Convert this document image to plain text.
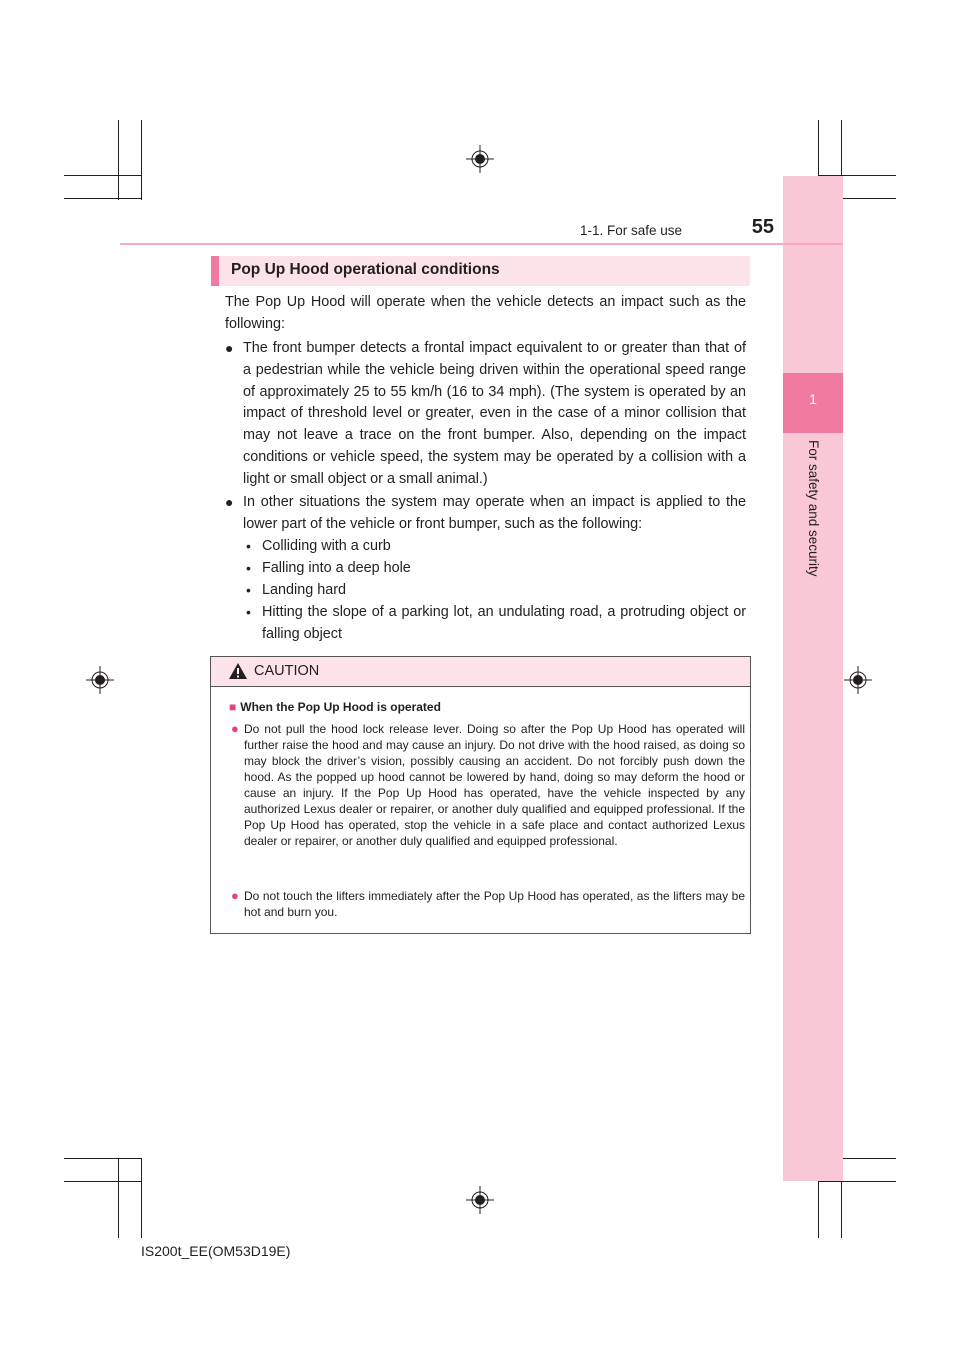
1
For safety and security
1-1. For safe use	55
Pop Up Hood operational conditions
The Pop Up Hood will operate when the vehicle detects an impact such as the following:
● The front bumper detects a frontal impact equivalent to or greater than that of a pedestrian while the vehicle being driven within the operational speed range of approximately 25 to 55 km/h (16 to 34 mph). (The system is operated by an impact of threshold level or greater, even in the case of a minor collision that may not leave a trace on the front bumper. Also, depending on the impact conditions or vehicle speed, the system may be operated by a collision with a light or small object or a small animal.)
● In other situations the system may operate when an impact is applied to the lower part of the vehicle or front bumper, such as the following:
• Colliding with a curb
• Falling into a deep hole
• Landing hard
• Hitting the slope of a parking lot, an undulating road, a protruding object or falling object
CAUTION
■ When the Pop Up Hood is operated
● Do not pull the hood lock release lever. Doing so after the Pop Up Hood has operated will further raise the hood and may cause an injury. Do not drive with the hood raised, as doing so may block the driver’s vision, possibly causing an accident. Do not forcibly push down the hood. As the popped up hood cannot be lowered by hand, doing so may deform the hood or cause an injury. If the Pop Up Hood has operated, have the vehicle inspected by any authorized Lexus dealer or repairer, or another duly qualified and equipped professional. If the Pop Up Hood has operated, stop the vehicle in a safe place and contact authorized Lexus dealer or repairer, or another duly qualified and equipped professional.
● Do not touch the lifters immediately after the Pop Up Hood has operated, as the lifters may be hot and burn you.
IS200t_EE(OM53D19E)
